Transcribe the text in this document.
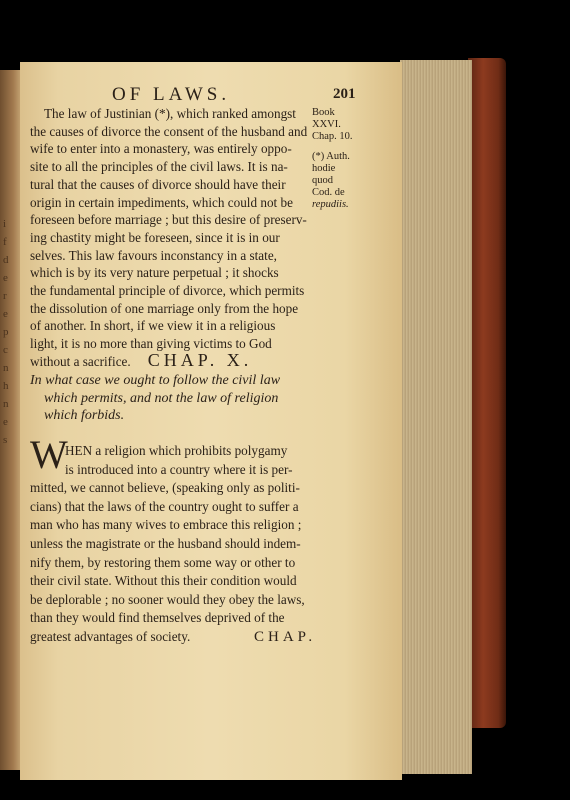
i
f
d
e
r
e
p
c
n
h
n
e
s
OF LAWS.	201
Book
XXVI.
Chap. 10.
(*) Auth.
hodie
quod
Cod. de
repudiis.
The law of Justinian (*), which ranked amongst
the causes of divorce the consent of the husband and
wife to enter into a monastery, was entirely oppo-
site to all the principles of the civil laws. It is na-
tural that the causes of divorce should have their
origin in certain impediments, which could not be
foreseen before marriage ; but this desire of preserv-
ing chastity might be foreseen, since it is in our
selves. This law favours inconstancy in a state,
which is by its very nature perpetual ; it shocks
the fundamental principle of divorce, which permits
the dissolution of one marriage only from the hope
of another. In short, if we view it in a religious
light, it is no more than giving victims to God
without a sacrifice. CHAP. X.
In what case we ought to follow the civil law
which permits, and not the law of religion
which forbids.
W
HEN a religion which prohibits polygamy
is introduced into a country where it is per-
mitted, we cannot believe, (speaking only as politi-
cians) that the laws of the country ought to suffer a
man who has many wives to embrace this religion ;
unless the magistrate or the husband should indem-
nify them, by restoring them some way or other to
their civil state. Without this their condition would
be deplorable ; no sooner would they obey the laws,
than they would find themselves deprived of the
greatest advantages of society.	CHAP.
